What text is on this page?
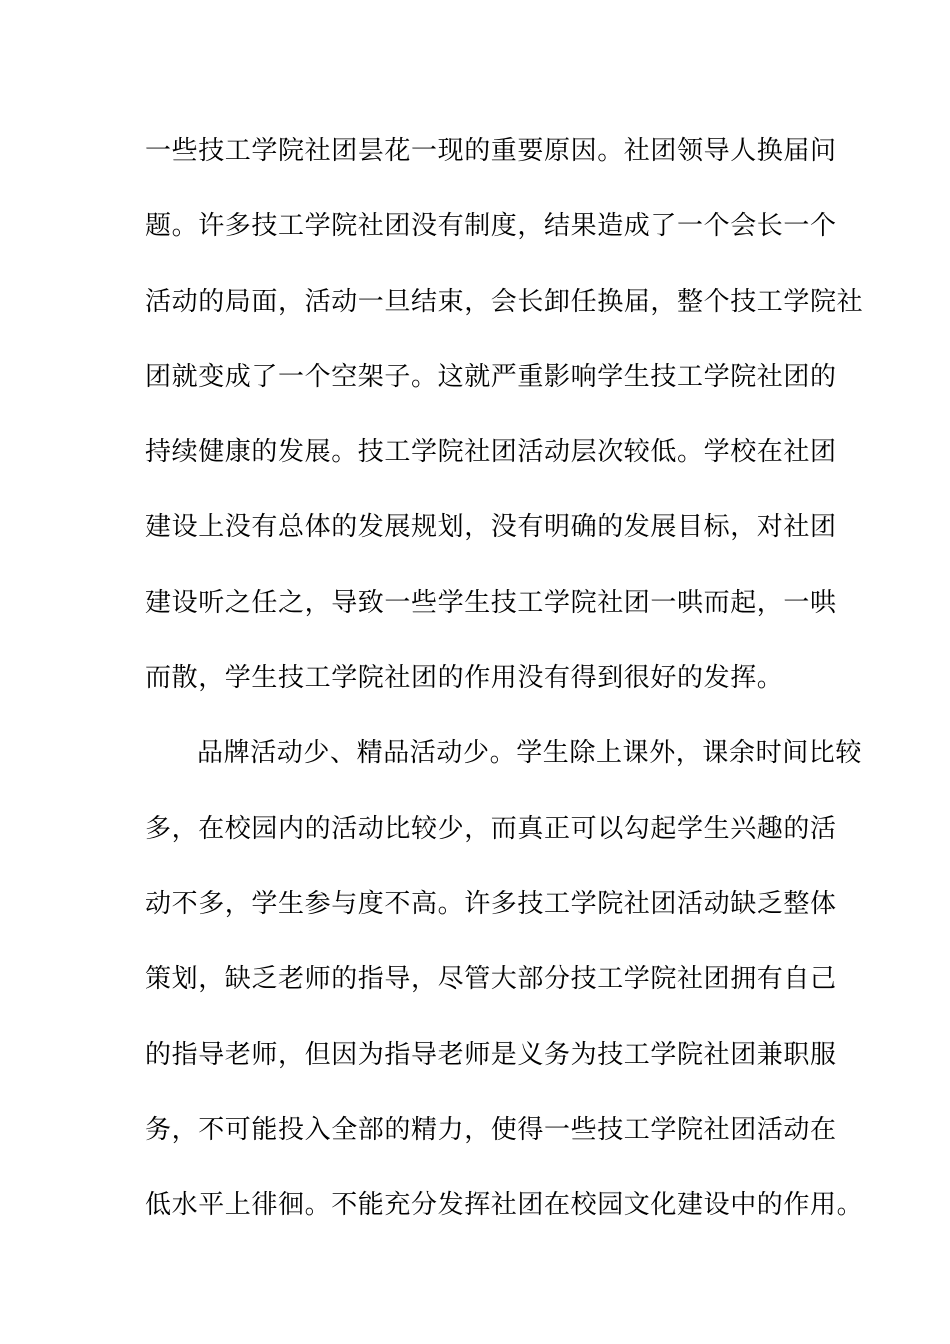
一些技工学院社团昙花一现的重要原因。社团领导人换届问
题。许多技工学院社团没有制度，结果造成了一个会长一个
活动的局面，活动一旦结束，会长卸任换届，整个技工学院社
团就变成了一个空架子。这就严重影响学生技工学院社团的
持续健康的发展。技工学院社团活动层次较低。学校在社团
建设上没有总体的发展规划，没有明确的发展目标，对社团
建设听之任之，导致一些学生技工学院社团一哄而起，一哄
而散，学生技工学院社团的作用没有得到很好的发挥。
品牌活动少、精品活动少。学生除上课外，课余时间比较
多，在校园内的活动比较少，而真正可以勾起学生兴趣的活
动不多，学生参与度不高。许多技工学院社团活动缺乏整体
策划，缺乏老师的指导，尽管大部分技工学院社团拥有自己
的指导老师，但因为指导老师是义务为技工学院社团兼职服
务，不可能投入全部的精力，使得一些技工学院社团活动在
低水平上徘徊。不能充分发挥社团在校园文化建设中的作用。
